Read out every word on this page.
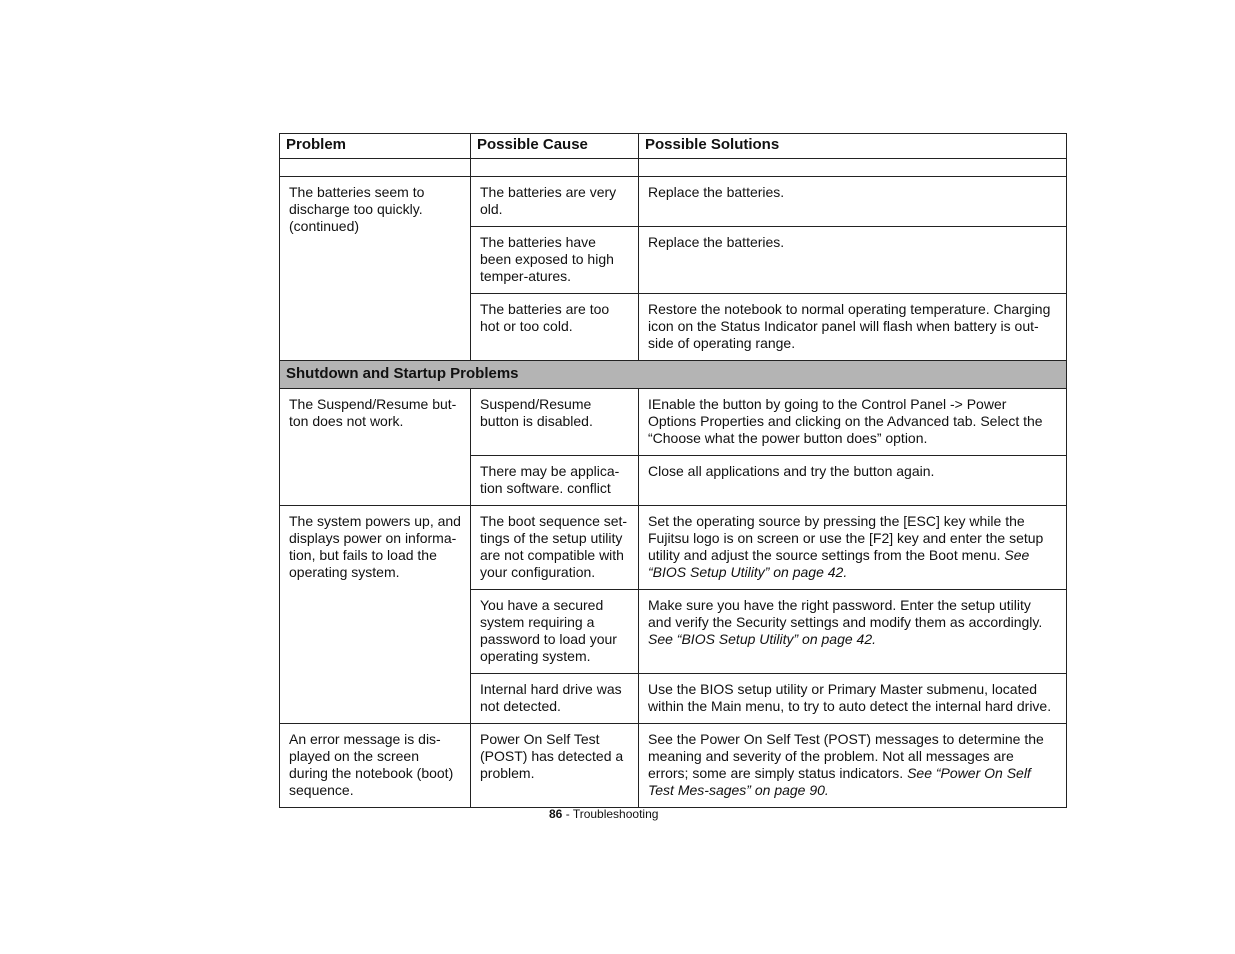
Problem	Possible Cause	Possible Solutions

The batteries seem to discharge too quickly. (continued)	The batteries are very old.	Replace the batteries.
	The batteries have been exposed to high temper-atures.	Replace the batteries.
	The batteries are too hot or too cold.	Restore the notebook to normal operating temperature. Charging icon on the Status Indicator panel will flash when battery is out-side of operating range.
Shutdown and Startup Problems		
The Suspend/Resume but-ton does not work.	Suspend/Resume button is disabled.	IEnable the button by going to the Control Panel -> Power Options Properties and clicking on the Advanced tab. Select the “Choose what the power button does” option.
	There may be applica-tion software. conflict	Close all applications and try the button again.
The system powers up, and displays power on informa-tion, but fails to load the operating system.	The boot sequence set-tings of the setup utility are not compatible with your configuration.	Set the operating source by pressing the [ESC] key while the Fujitsu logo is on screen or use the [F2] key and enter the setup utility and adjust the source settings from the Boot menu. See “BIOS Setup Utility” on page 42.
	You have a secured system requiring a password to load your operating system.	Make sure you have the right password. Enter the setup utility and verify the Security settings and modify them as accordingly. See “BIOS Setup Utility” on page 42.
	Internal hard drive was not detected.	Use the BIOS setup utility or Primary Master submenu, located within the Main menu, to try to auto detect the internal hard drive.
An error message is dis-played on the screen during the notebook (boot) sequence.	Power On Self Test (POST) has detected a problem.	See the Power On Self Test (POST) messages to determine the meaning and severity of the problem. Not all messages are errors; some are simply status indicators. See “Power On Self Test Mes-sages” on page 90.
86 - Troubleshooting
